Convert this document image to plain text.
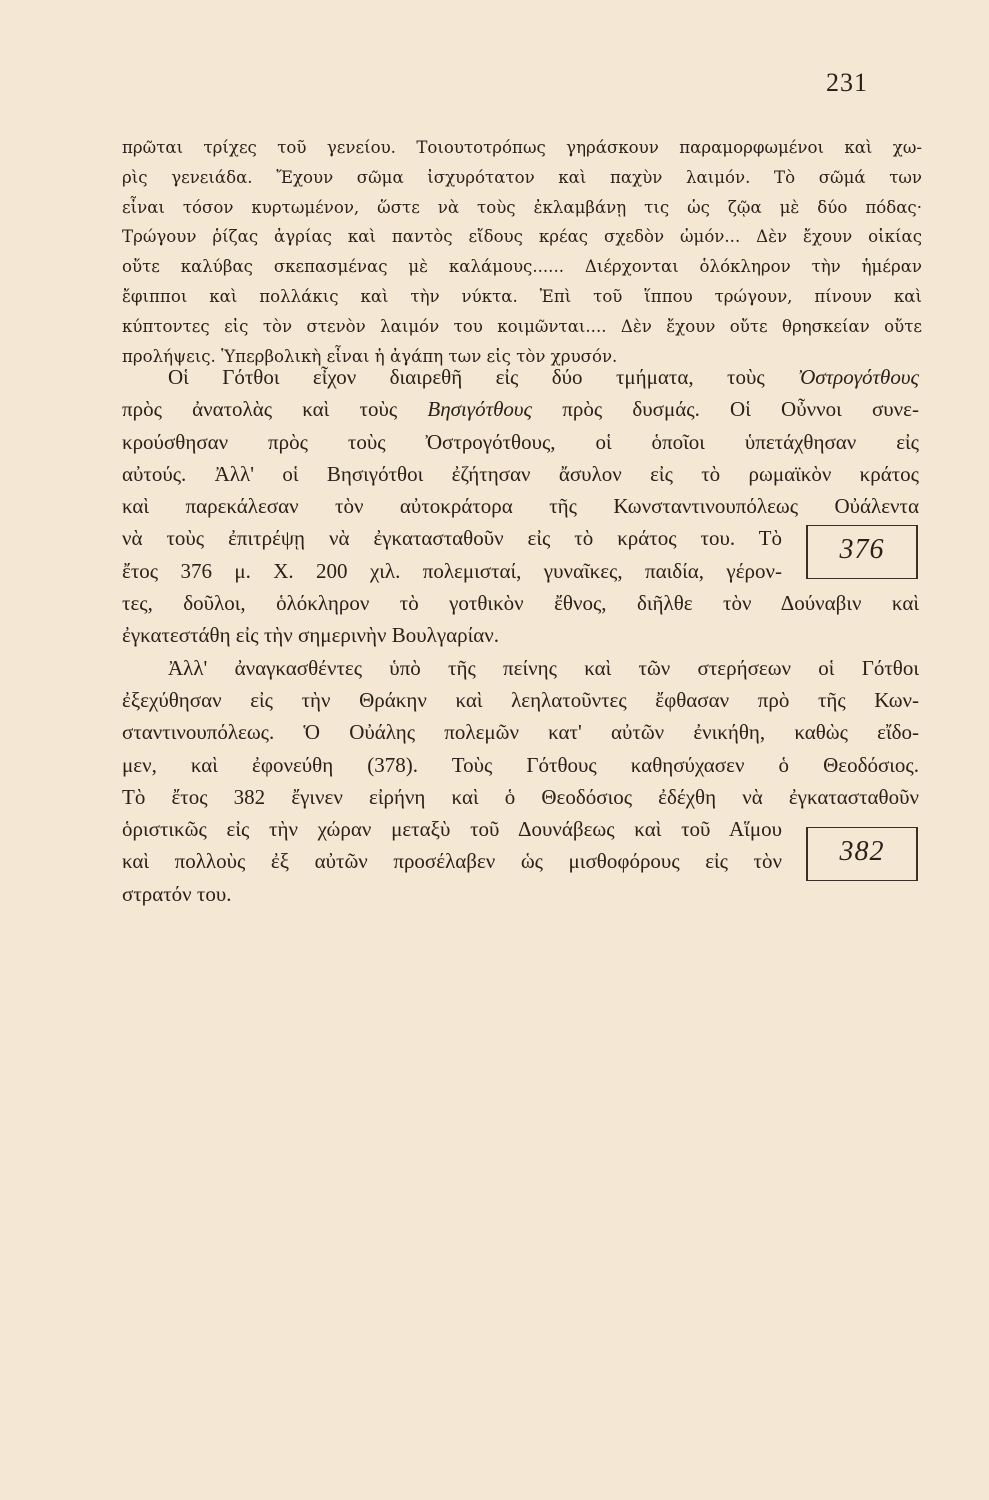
231
πρῶται τρίχες τοῦ γενείου. Τοιουτοτρόπως γηράσκουν παραμορφωμένοι καὶ χω-
ρὶς γενειάδα. Ἔχουν σῶμα ἰσχυρότατον καὶ παχὺν λαιμόν. Τὸ σῶμά των
εἶναι τόσον κυρτωμένον, ὥστε νὰ τοὺς ἐκλαμβάνῃ τις ὡς ζῷα μὲ δύο πόδας·
Τρώγουν ῥίζας ἀγρίας καὶ παντὸς εἴδους κρέας σχεδὸν ὠμόν... Δὲν ἔχουν οἰκίας
οὔτε καλύβας σκεπασμένας μὲ καλάμους...... Διέρχονται ὁλόκληρον τὴν ἡμέραν
ἔφιπποι καὶ πολλάκις καὶ τὴν νύκτα. Ἐπὶ τοῦ ἵππου τρώγουν, πίνουν καὶ
κύπτοντες εἰς τὸν στενὸν λαιμόν του κοιμῶνται.... Δὲν ἔχουν οὔτε θρησκείαν οὔτε
προλήψεις. Ὑπερβολικὴ εἶναι ἡ ἀγάπη των εἰς τὸν χρυσόν.
Οἱ Γότθοι εἶχον διαιρεθῆ εἰς δύο τμήματα, τοὺς Ὀστρογότθους
πρὸς ἀνατολὰς καὶ τοὺς Βησιγότθους πρὸς δυσμάς. Οἱ Οὖννοι συνε-
κρούσθησαν πρὸς τοὺς Ὀστρογότθους, οἱ ὁποῖοι ὑπετάχθησαν εἰς
αὐτούς. Ἀλλ' οἱ Βησιγότθοι ἐζήτησαν ἄσυλον εἰς τὸ ρωμαϊκὸν κράτος
καὶ παρεκάλεσαν τὸν αὐτοκράτορα τῆς Κωνσταντινουπόλεως Οὐάλεντα
νὰ τοὺς ἐπιτρέψῃ νὰ ἐγκατασταθοῦν εἰς τὸ κράτος του. Τὸ
ἔτος 376 μ. Χ. 200 χιλ. πολεμισταί, γυναῖκες, παιδία, γέρον-
τες, δοῦλοι, ὁλόκληρον τὸ γοτθικὸν ἔθνος, διῆλθε τὸν Δούναβιν καὶ
ἐγκατεστάθη εἰς τὴν σημερινὴν Βουλγαρίαν.
Ἀλλ' ἀναγκασθέντες ὑπὸ τῆς πείνης καὶ τῶν στερήσεων οἱ Γότθοι
ἐξεχύθησαν εἰς τὴν Θράκην καὶ λεηλατοῦντες ἔφθασαν πρὸ τῆς Κων-
σταντινουπόλεως. Ὁ Οὐάλης πολεμῶν κατ' αὐτῶν ἐνικήθη, καθὼς εἴδο-
μεν, καὶ ἐφονεύθη (378). Τοὺς Γότθους καθησύχασεν ὁ Θεοδόσιος.
Τὸ ἔτος 382 ἔγινεν εἰρήνη καὶ ὁ Θεοδόσιος ἐδέχθη νὰ ἐγκατασταθοῦν
ὁριστικῶς εἰς τὴν χώραν μεταξὺ τοῦ Δουνάβεως καὶ τοῦ Αἵμου
καὶ πολλοὺς ἐξ αὐτῶν προσέλαβεν ὡς μισθοφόρους εἰς τὸν
στρατόν του.
376
382
